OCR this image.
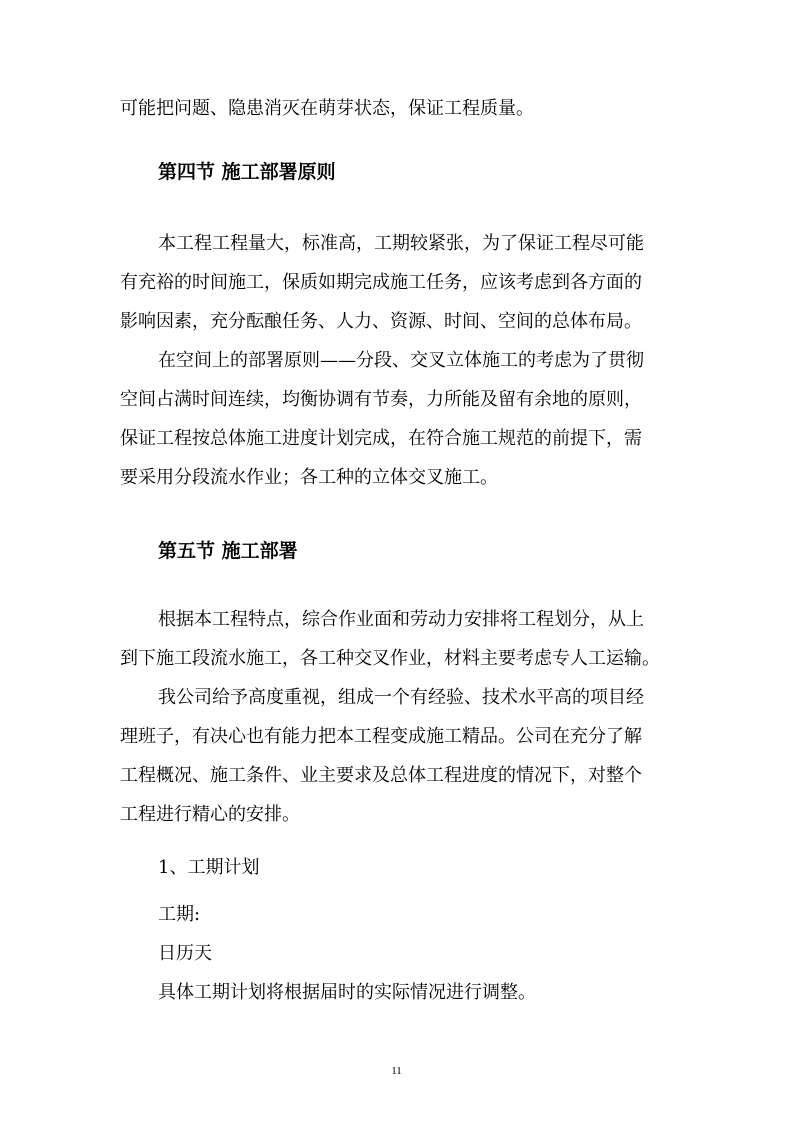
可能把问题、隐患消灭在萌芽状态，保证工程质量。
第四节 施工部署原则
本工程工程量大，标准高，工期较紧张，为了保证工程尽可能
有充裕的时间施工，保质如期完成施工任务，应该考虑到各方面的
影响因素，充分酝酿任务、人力、资源、时间、空间的总体布局。
在空间上的部署原则——分段、交叉立体施工的考虑为了贯彻
空间占满时间连续，均衡协调有节奏，力所能及留有余地的原则，
保证工程按总体施工进度计划完成，在符合施工规范的前提下，需
要采用分段流水作业；各工种的立体交叉施工。
第五节 施工部署
根据本工程特点，综合作业面和劳动力安排将工程划分，从上
到下施工段流水施工，各工种交叉作业，材料主要考虑专人工运输。
我公司给予高度重视，组成一个有经验、技术水平高的项目经
理班子，有决心也有能力把本工程变成施工精品。公司在充分了解
工程概况、施工条件、业主要求及总体工程进度的情况下，对整个
工程进行精心的安排。
1、工期计划
工期:
日历天
具体工期计划将根据届时的实际情况进行调整。
11
